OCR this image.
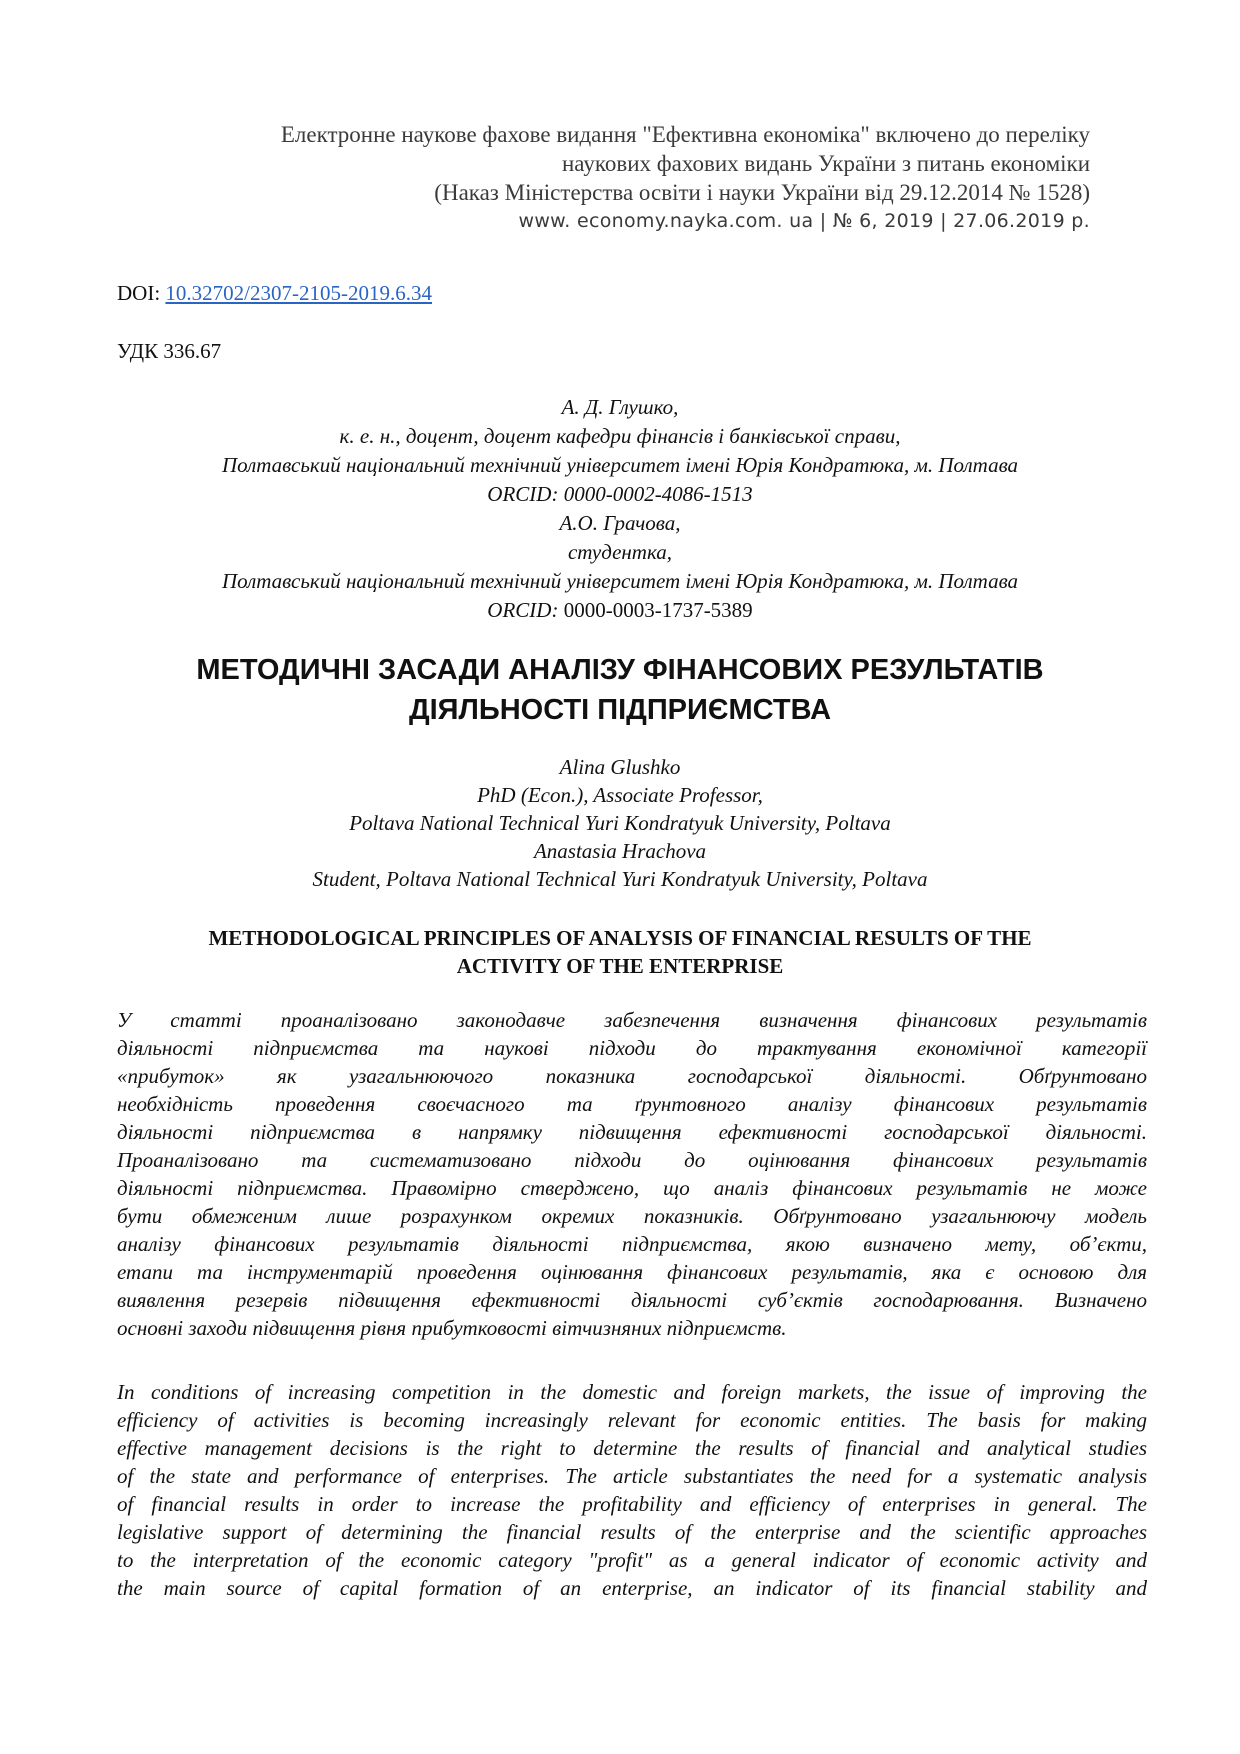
Електронне наукове фахове видання "Ефективна економіка" включено до переліку
наукових фахових видань України з питань економіки
(Наказ Міністерства освіти і науки України від 29.12.2014 № 1528)
www. economy.nayka.com. ua | № 6, 2019 | 27.06.2019 р.
DOI: 10.32702/2307-2105-2019.6.34
УДК 336.67
А. Д. Глушко,
к. е. н., доцент, доцент кафедри фінансів і банківської справи,
Полтавський національний технічний університет імені Юрія Кондратюка, м. Полтава
ORCID: 0000-0002-4086-1513
А.О. Грачова,
студентка,
Полтавський національний технічний університет імені Юрія Кондратюка, м. Полтава
ORCID: 0000-0003-1737-5389
МЕТОДИЧНІ ЗАСАДИ АНАЛІЗУ ФІНАНСОВИХ РЕЗУЛЬТАТІВ
ДІЯЛЬНОСТІ ПІДПРИЄМСТВА
Alina Glushko
PhD (Econ.), Associate Professor,
Poltava National Technical Yuri Kondratyuk University, Poltava
Anastasia Hrachova
Student, Poltava National Technical Yuri Kondratyuk University, Poltava
METHODOLOGICAL PRINCIPLES OF ANALYSIS OF FINANCIAL RESULTS OF THE
ACTIVITY OF THE ENTERPRISE
У статті проаналізовано законодавче забезпечення визначення фінансових результатів
діяльності підприємства та наукові підходи до трактування економічної категорії
«прибуток» як узагальнюючого показника господарської діяльності. Обґрунтовано
необхідність проведення своєчасного та ґрунтовного аналізу фінансових результатів
діяльності підприємства в напрямку підвищення ефективності господарської діяльності.
Проаналізовано та систематизовано підходи до оцінювання фінансових результатів
діяльності підприємства. Правомірно стверджено, що аналіз фінансових результатів не може
бути обмеженим лише розрахунком окремих показників. Обґрунтовано узагальнюючу модель
аналізу фінансових результатів діяльності підприємства, якою визначено мету, об’єкти,
етапи та інструментарій проведення оцінювання фінансових результатів, яка є основою для
виявлення резервів підвищення ефективності діяльності суб’єктів господарювання. Визначено
основні заходи підвищення рівня прибутковості вітчизняних підприємств.
In conditions of increasing competition in the domestic and foreign markets, the issue of improving the
efficiency of activities is becoming increasingly relevant for economic entities. The basis for making
effective management decisions is the right to determine the results of financial and analytical studies
of the state and performance of enterprises. The article substantiates the need for a systematic analysis
of financial results in order to increase the profitability and efficiency of enterprises in general. The
legislative support of determining the financial results of the enterprise and the scientific approaches
to the interpretation of the economic category "profit" as a general indicator of economic activity and
the main source of capital formation of an enterprise, an indicator of its financial stability and
